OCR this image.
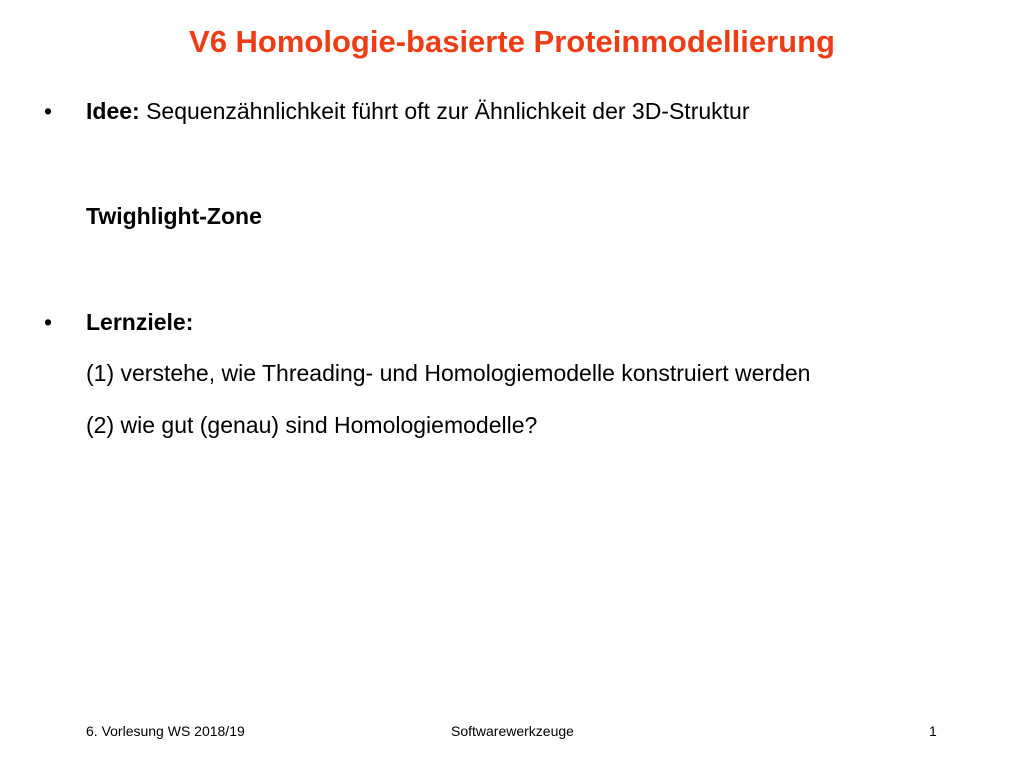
V6 Homologie-basierte Proteinmodellierung
• Idee: Sequenzähnlichkeit führt oft zur Ähnlichkeit der 3D-Struktur
Twighlight-Zone
• Lernziele:
(1) verstehe, wie Threading- und Homologiemodelle konstruiert werden
(2) wie gut (genau) sind Homologiemodelle?
6. Vorlesung WS 2018/19	Softwarewerkzeuge	1
